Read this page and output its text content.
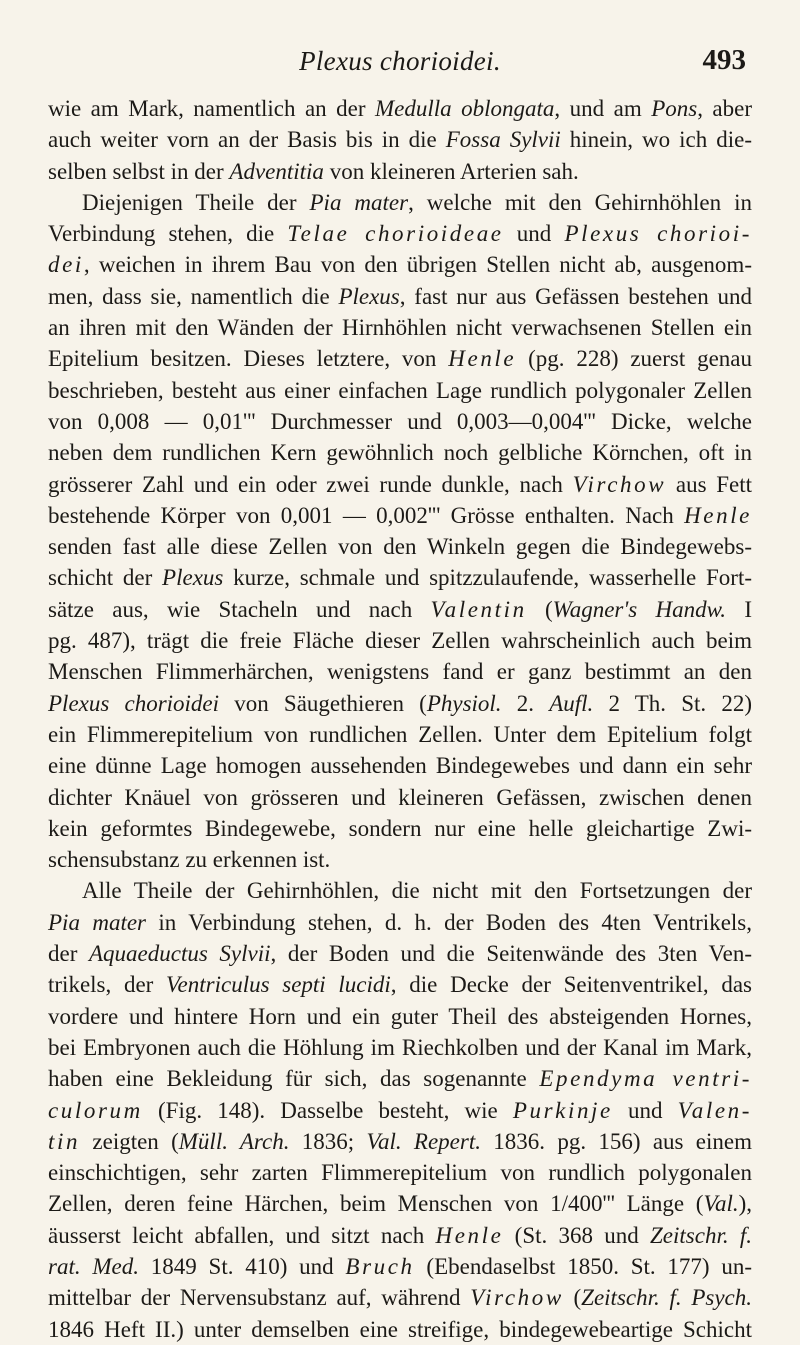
Plexus chorioidei.	493
wie am Mark, namentlich an der Medulla oblongata, und am Pons, aber
auch weiter vorn an der Basis bis in die Fossa Sylvii hinein, wo ich die-
selben selbst in der Adventitia von kleineren Arterien sah.
Diejenigen Theile der Pia mater, welche mit den Gehirnhöhlen in
Verbindung stehen, die Telae chorioideae und Plexus chorioi-
dei, weichen in ihrem Bau von den übrigen Stellen nicht ab, ausgenom-
men, dass sie, namentlich die Plexus, fast nur aus Gefässen bestehen und
an ihren mit den Wänden der Hirnhöhlen nicht verwachsenen Stellen ein
Epitelium besitzen. Dieses letztere, von Henle (pg. 228) zuerst genau
beschrieben, besteht aus einer einfachen Lage rundlich polygonaler Zellen
von 0,008 — 0,01''' Durchmesser und 0,003—0,004''' Dicke, welche
neben dem rundlichen Kern gewöhnlich noch gelbliche Körnchen, oft in
grösserer Zahl und ein oder zwei runde dunkle, nach Virchow aus Fett
bestehende Körper von 0,001 — 0,002''' Grösse enthalten. Nach Henle
senden fast alle diese Zellen von den Winkeln gegen die Bindegewebs-
schicht der Plexus kurze, schmale und spitzzulaufende, wasserhelle Fort-
sätze aus, wie Stacheln und nach Valentin (Wagner's Handw. I
pg. 487), trägt die freie Fläche dieser Zellen wahrscheinlich auch beim
Menschen Flimmerhärchen, wenigstens fand er ganz bestimmt an den
Plexus chorioidei von Säugethieren (Physiol. 2. Aufl. 2 Th. St. 22)
ein Flimmerepitelium von rundlichen Zellen. Unter dem Epitelium folgt
eine dünne Lage homogen aussehenden Bindegewebes und dann ein sehr
dichter Knäuel von grösseren und kleineren Gefässen, zwischen denen
kein geformtes Bindegewebe, sondern nur eine helle gleichartige Zwi-
schensubstanz zu erkennen ist.
Alle Theile der Gehirnhöhlen, die nicht mit den Fortsetzungen der
Pia mater in Verbindung stehen, d. h. der Boden des 4ten Ventrikels,
der Aquaeductus Sylvii, der Boden und die Seitenwände des 3ten Ven-
trikels, der Ventriculus septi lucidi, die Decke der Seitenventrikel, das
vordere und hintere Horn und ein guter Theil des absteigenden Hornes,
bei Embryonen auch die Höhlung im Riechkolben und der Kanal im Mark,
haben eine Bekleidung für sich, das sogenannte Ependyma ventri-
culorum (Fig. 148). Dasselbe besteht, wie Purkinje und Valen-
tin zeigten (Müll. Arch. 1836; Val. Repert. 1836. pg. 156) aus einem
einschichtigen, sehr zarten Flimmerepitelium von rundlich polygonalen
Zellen, deren feine Härchen, beim Menschen von 1/400''' Länge (Val.),
äusserst leicht abfallen, und sitzt nach Henle (St. 368 und Zeitschr. f.
rat. Med. 1849 St. 410) und Bruch (Ebendaselbst 1850. St. 177) un-
mittelbar der Nervensubstanz auf, während Virchow (Zeitschr. f. Psych.
1846 Heft II.) unter demselben eine streifige, bindegewebeartige Schicht
